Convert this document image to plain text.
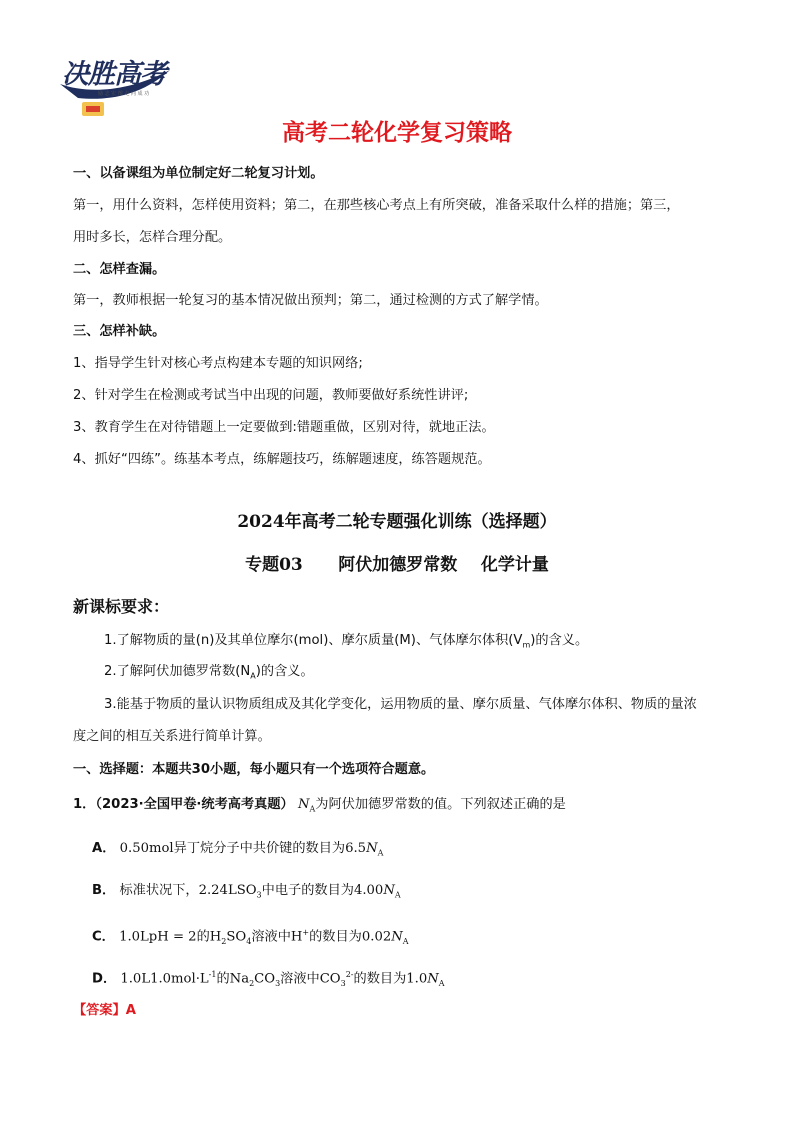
决胜高考
励 志 宏 图 走 向 成 功
高考二轮化学复习策略
一、以备课组为单位制定好二轮复习计划。
第一，用什么资料，怎样使用资料；第二，在那些核心考点上有所突破，准备采取什么样的措施；第三，
用时多长，怎样合理分配。
二、怎样查漏。
第一，教师根据一轮复习的基本情况做出预判；第二，通过检测的方式了解学情。
三、怎样补缺。
1、指导学生针对核心考点构建本专题的知识网络;
2、针对学生在检测或考试当中出现的问题，教师要做好系统性讲评;
3、教育学生在对待错题上一定要做到:错题重做，区别对待，就地正法。
4、抓好“四练”。练基本考点，练解题技巧，练解题速度，练答题规范。
2024年高考二轮专题强化训练（选择题）
专题03      阿伏加德罗常数    化学计量
新课标要求：
1.了解物质的量(n)及其单位摩尔(mol)、摩尔质量(M)、气体摩尔体积$(V_m)$的含义。
2.了解阿伏加德罗常数$(N_A)$的含义。
3.能基于物质的量认识物质组成及其化学变化，运用物质的量、摩尔质量、气体摩尔体积、物质的量浓
度之间的相互关系进行简单计算。
一、选择题：本题共30小题，每小题只有一个选项符合题意。
1．（2023·全国甲卷·统考高考真题） $N_A$为阿伏加德罗常数的值。下列叙述正确的是
A． 0.50mol异丁烷分子中共价键的数目为$6.5N_A$
B． 标准状况下，$2.24LSO_3$中电子的数目为$4.00N_A$
C． 1.0LpH = 2的$H_2SO_4$溶液中H+的数目为$0.02N_A$
D． $1.0L1.0mol\cdot L^{-1}$的$Na_2CO_3$溶液中$CO_3^{2-}$的数目为$1.0N_A$
【答案】A
